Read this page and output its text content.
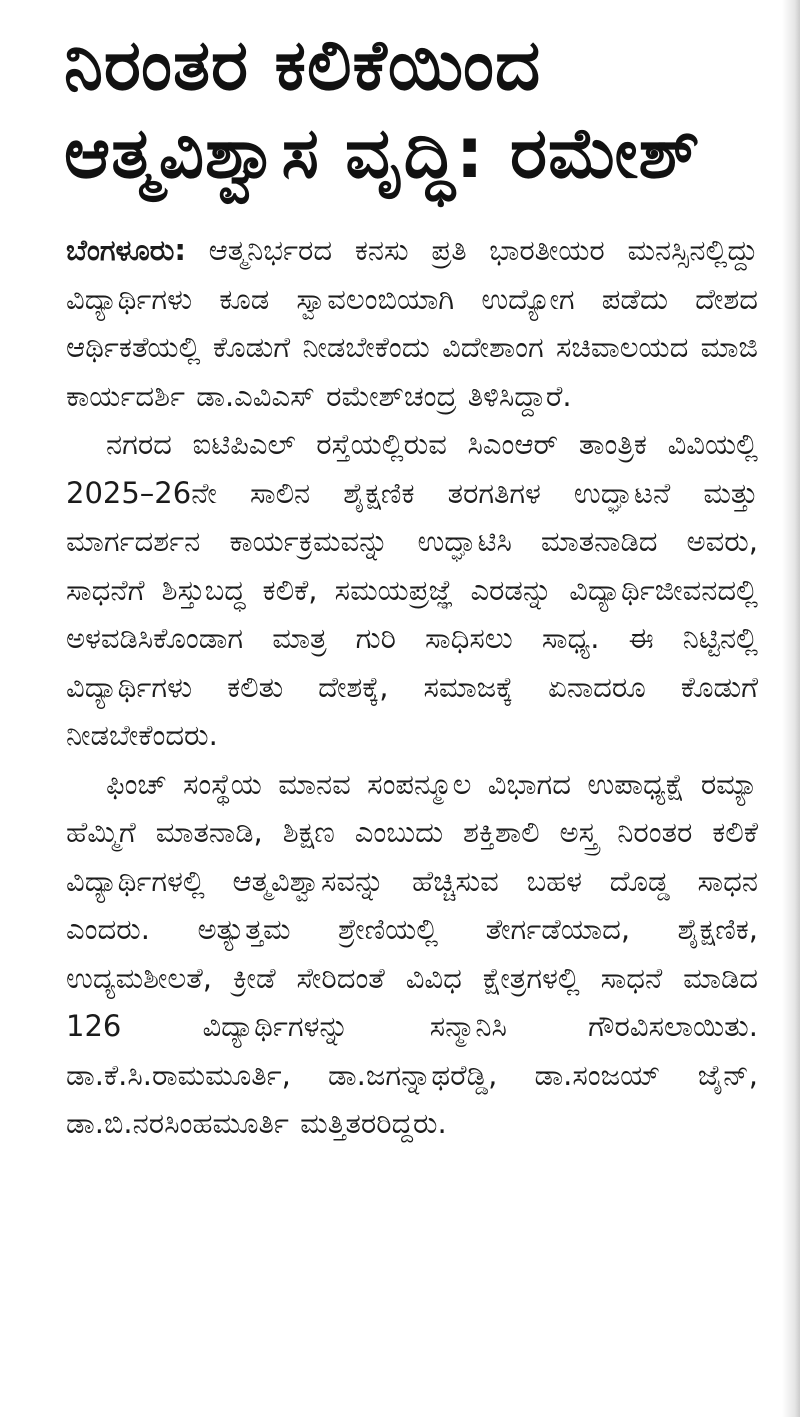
ನಿರಂತರ ಕಲಿಕೆಯಿಂದ
ಆತ್ಮವಿಶ್ವಾಸ ವೃದ್ಧಿ: ರಮೇಶ್

ಬೆಂಗಳೂರು: ಆತ್ಮನಿರ್ಭರದ ಕನಸು ಪ್ರತಿ ಭಾರತೀಯರ ಮನಸ್ಸಿನಲ್ಲಿದ್ದು ವಿದ್ಯಾರ್ಥಿಗಳು ಕೂಡ ಸ್ವಾವಲಂಬಿಯಾಗಿ ಉದ್ಯೋಗ ಪಡೆದು ದೇಶದ ಆರ್ಥಿಕತೆಯಲ್ಲಿ ಕೊಡುಗೆ ನೀಡಬೇಕೆಂದು ವಿದೇಶಾಂಗ ಸಚಿವಾಲಯದ ಮಾಜಿ ಕಾರ್ಯದರ್ಶಿ ಡಾ.ಎವಿಎಸ್ ರಮೇಶ್‌ಚಂದ್ರ ತಿಳಿಸಿದ್ದಾರೆ.

ನಗರದ ಐಟಿಪಿಎಲ್ ರಸ್ತೆಯಲ್ಲಿರುವ ಸಿಎಂಆರ್ ತಾಂತ್ರಿಕ ವಿವಿಯಲ್ಲಿ 2025–26ನೇ ಸಾಲಿನ ಶೈಕ್ಷಣಿಕ ತರಗತಿಗಳ ಉದ್ಘಾಟನೆ ಮತ್ತು ಮಾರ್ಗದರ್ಶನ ಕಾರ್ಯಕ್ರಮವನ್ನು ಉದ್ಘಾಟಿಸಿ ಮಾತನಾಡಿದ ಅವರು, ಸಾಧನೆಗೆ ಶಿಸ್ತುಬದ್ಧ ಕಲಿಕೆ, ಸಮಯಪ್ರಜ್ಞೆ ಎರಡನ್ನು ವಿದ್ಯಾರ್ಥಿಜೀವನದಲ್ಲಿ ಅಳವಡಿಸಿಕೊಂಡಾಗ ಮಾತ್ರ ಗುರಿ ಸಾಧಿಸಲು ಸಾಧ್ಯ. ಈ ನಿಟ್ಟಿನಲ್ಲಿ ವಿದ್ಯಾರ್ಥಿಗಳು ಕಲಿತು ದೇಶಕ್ಕೆ, ಸಮಾಜಕ್ಕೆ ಏನಾದರೂ ಕೊಡುಗೆ ನೀಡಬೇಕೆಂದರು.

ಫಿಂಚ್ ಸಂಸ್ಥೆಯ ಮಾನವ ಸಂಪನ್ಮೂಲ ವಿಭಾಗದ ಉಪಾಧ್ಯಕ್ಷೆ ರಮ್ಯಾ ಹೆಮ್ಮಿಗೆ ಮಾತನಾಡಿ, ಶಿಕ್ಷಣ ಎಂಬುದು ಶಕ್ತಿಶಾಲಿ ಅಸ್ತ್ರ ನಿರಂತರ ಕಲಿಕೆ ವಿದ್ಯಾರ್ಥಿಗಳಲ್ಲಿ ಆತ್ಮವಿಶ್ವಾಸವನ್ನು ಹೆಚ್ಚಿಸುವ ಬಹಳ ದೊಡ್ಡ ಸಾಧನ ಎಂದರು. ಅತ್ಯುತ್ತಮ ಶ್ರೇಣಿಯಲ್ಲಿ ತೇರ್ಗಡೆಯಾದ, ಶೈಕ್ಷಣಿಕ, ಉದ್ಯಮಶೀಲತೆ, ಕ್ರೀಡೆ ಸೇರಿದಂತೆ ವಿವಿಧ ಕ್ಷೇತ್ರಗಳಲ್ಲಿ ಸಾಧನೆ ಮಾಡಿದ 126 ವಿದ್ಯಾರ್ಥಿಗಳನ್ನು ಸನ್ಮಾನಿಸಿ ಗೌರವಿಸಲಾಯಿತು. ಡಾ.ಕೆ.ಸಿ.ರಾಮಮೂರ್ತಿ, ಡಾ.ಜಗನ್ನಾಥರೆಡ್ಡಿ, ಡಾ.ಸಂಜಯ್ ಜೈನ್, ಡಾ.ಬಿ.ನರಸಿಂಹಮೂರ್ತಿ ಮತ್ತಿತರರಿದ್ದರು.
